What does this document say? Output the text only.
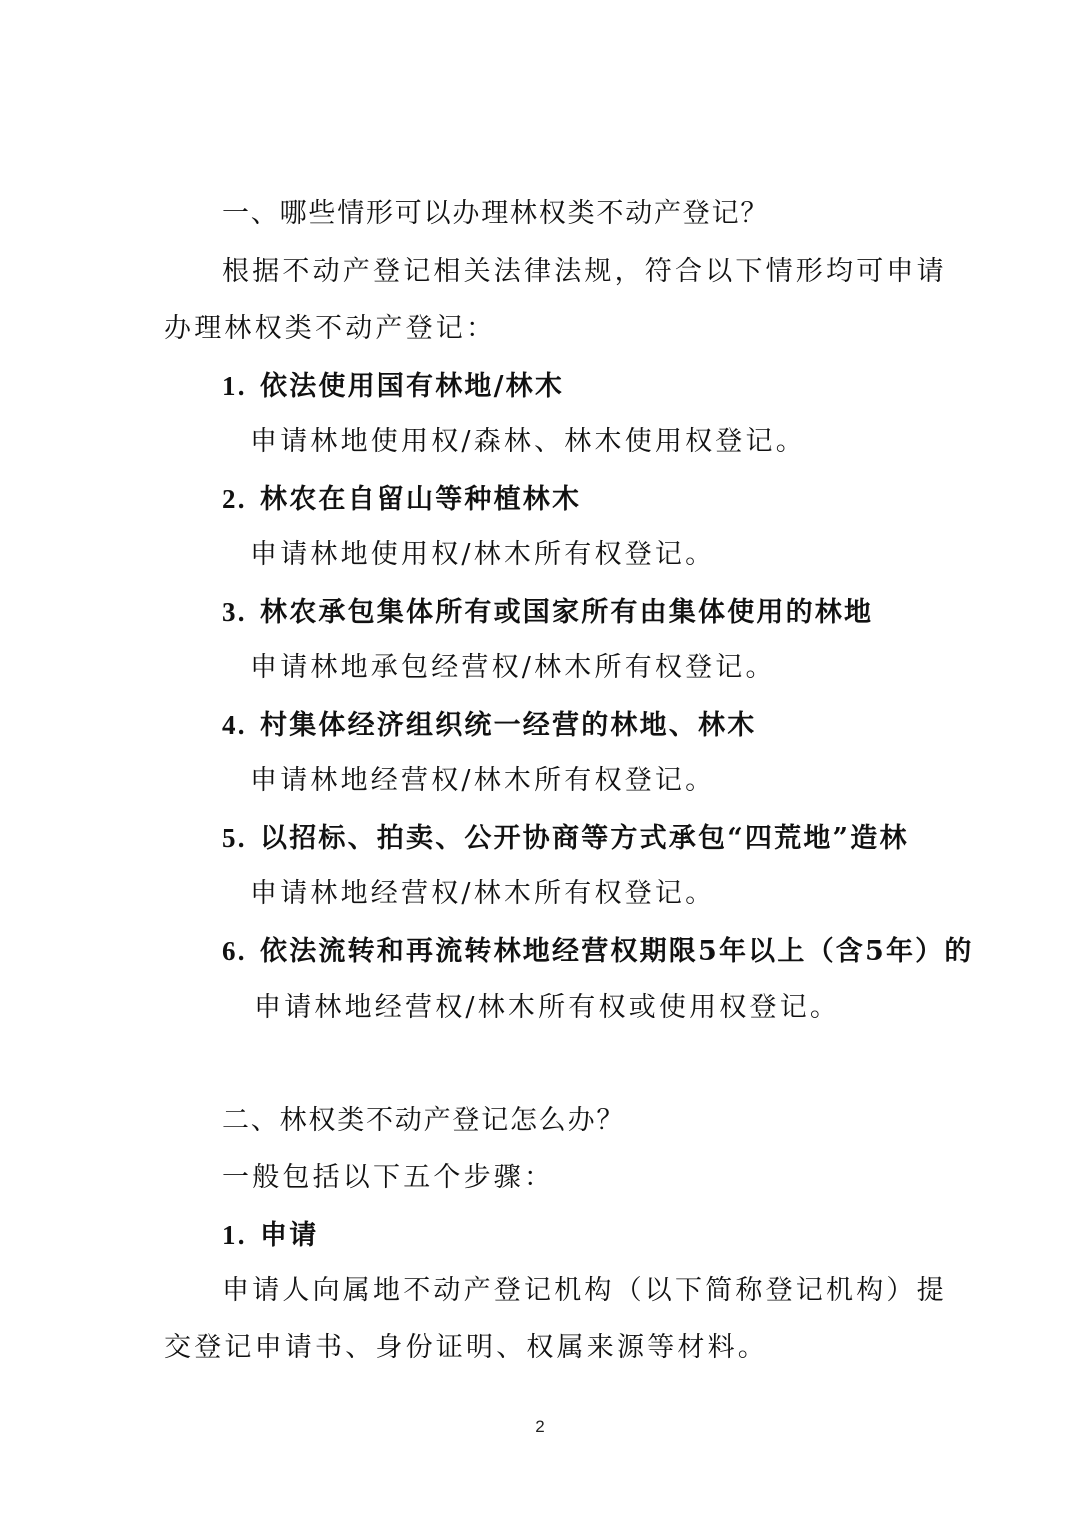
一、哪些情形可以办理林权类不动产登记？
根据不动产登记相关法律法规，符合以下情形均可申请
办理林权类不动产登记：
1. 依法使用国有林地/林木
申请林地使用权/森林、林木使用权登记。
2. 林农在自留山等种植林木
申请林地使用权/林木所有权登记。
3. 林农承包集体所有或国家所有由集体使用的林地
申请林地承包经营权/林木所有权登记。
4. 村集体经济组织统一经营的林地、林木
申请林地经营权/林木所有权登记。
5. 以招标、拍卖、公开协商等方式承包“四荒地”造林
申请林地经营权/林木所有权登记。
6. 依法流转和再流转林地经营权期限5年以上（含5年）的
申请林地经营权/林木所有权或使用权登记。
二、林权类不动产登记怎么办？
一般包括以下五个步骤：
1. 申请
申请人向属地不动产登记机构（以下简称登记机构）提
交登记申请书、身份证明、权属来源等材料。
2
